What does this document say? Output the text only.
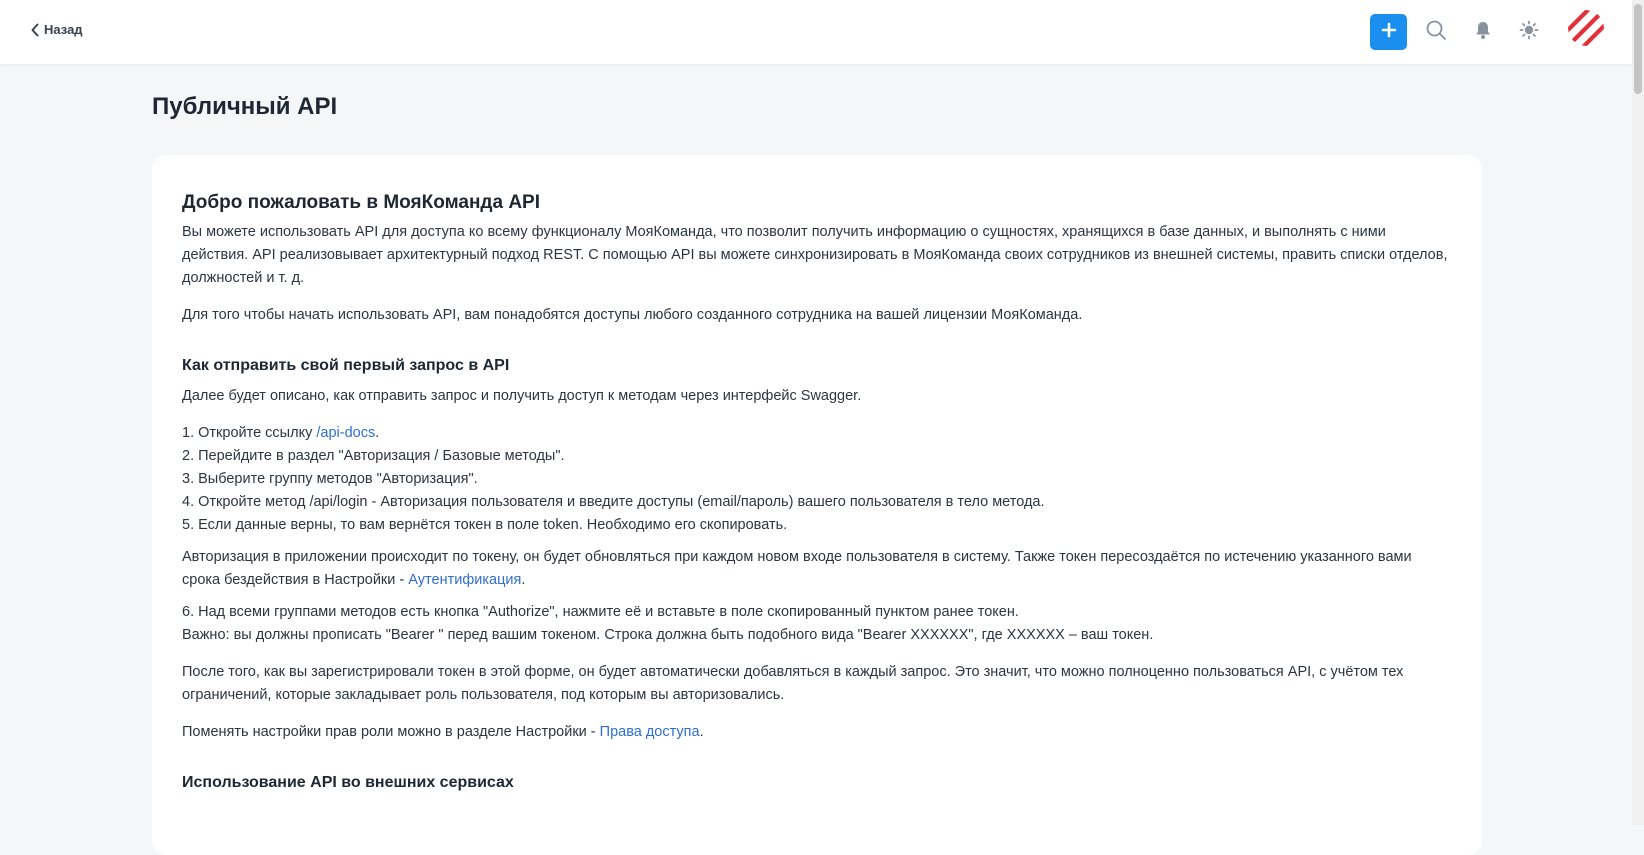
Назад
Публичный API
Добро пожаловать в МояКоманда API

Вы можете использовать API для доступа ко всему функционалу МояКоманда, что позволит получить информацию о сущностях, хранящихся в базе данных, и выполнять с ними действия. API реализовывает архитектурный подход REST. С помощью API вы можете синхронизировать в МояКоманда своих сотрудников из внешней системы, править списки отделов, должностей и т. д.

Для того чтобы начать использовать API, вам понадобятся доступы любого созданного сотрудника на вашей лицензии МояКоманда.

Как отправить свой первый запрос в API

Далее будет описано, как отправить запрос и получить доступ к методам через интерфейс Swagger.

1. Откройте ссылку /api-docs.

2. Перейдите в раздел "Авторизация / Базовые методы".

3. Выберите группу методов "Авторизация".

4. Откройте метод /api/login - Авторизация пользователя и введите доступы (email/пароль) вашего пользователя в тело метода.

5. Если данные верны, то вам вернётся токен в поле token. Необходимо его скопировать.

Авторизация в приложении происходит по токену, он будет обновляться при каждом новом входе пользователя в систему. Также токен пересоздаётся по истечению указанного вами срока бездействия в Настройки - Аутентификация.

6. Над всеми группами методов есть кнопка "Authorize", нажмите её и вставьте в поле скопированный пунктом ранее токен.

Важно: вы должны прописать "Bearer " перед вашим токеном. Строка должна быть подобного вида "Bearer XXXXXX", где XXXXXX – ваш токен.

После того, как вы зарегистрировали токен в этой форме, он будет автоматически добавляться в каждый запрос. Это значит, что можно полноценно пользоваться API, с учётом тех ограничений, которые закладывает роль пользователя, под которым вы авторизовались.

Поменять настройки прав роли можно в разделе Настройки - Права доступа.

Использование API во внешних сервисах
